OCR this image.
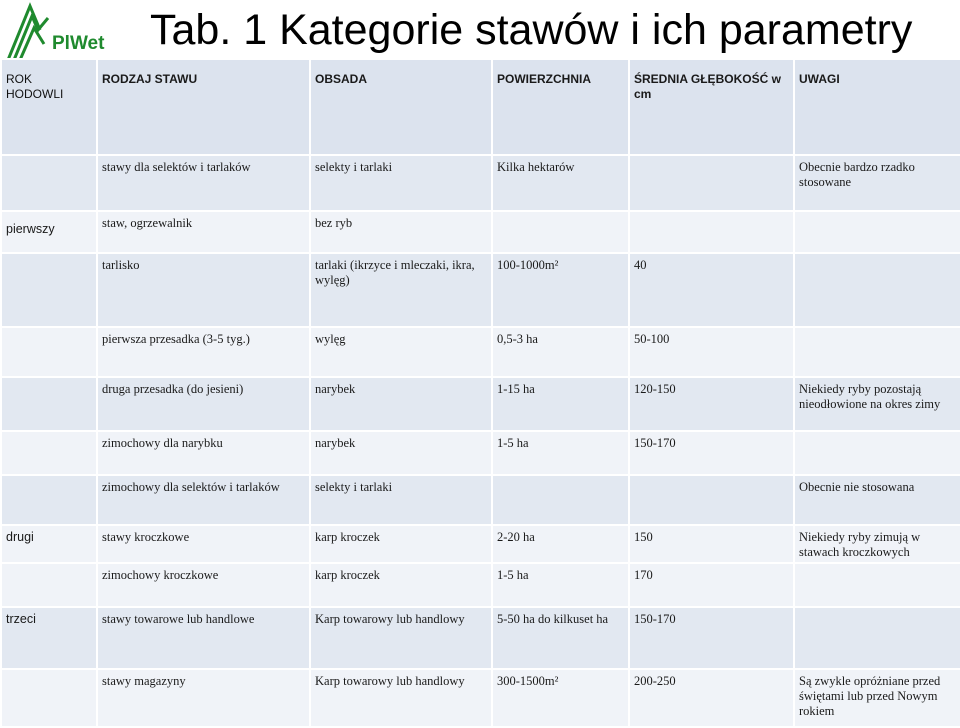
PlWet Tab. 1 Kategorie stawów i ich parametry
ROK HODOWLI	RODZAJ STAWU	OBSADA	POWIERZCHNIA	ŚREDNIA GŁĘBOKOŚĆ w cm	UWAGI
	stawy dla selektów i tarlaków	selekty i tarlaki	Kilka hektarów		Obecnie bardzo rzadko stosowane
pierwszy	staw, ogrzewalnik	bez ryb			
	tarlisko	tarlaki (ikrzyce i mleczaki, ikra, wylęg)	100-1000m²	40	
	pierwsza przesadka (3-5 tyg.)	wylęg	0,5-3 ha	50-100	
	druga przesadka (do jesieni)	narybek	1-15 ha	120-150	Niekiedy ryby pozostają nieodłowione na okres zimy
	zimochowy dla narybku	narybek	1-5 ha	150-170	
	zimochowy dla selektów i tarlaków	selekty i tarlaki			Obecnie nie stosowana
drugi	stawy kroczkowe	karp kroczek	2-20 ha	150	Niekiedy ryby zimują w stawach kroczkowych
	zimochowy kroczkowe	karp kroczek	1-5 ha	170	
trzeci	stawy towarowe lub handlowe	Karp towarowy lub handlowy	5-50 ha do kilkuset ha	150-170	
	stawy magazyny	Karp towarowy lub handlowy	300-1500m²	200-250	Są zwykle opróżniane przed świętami lub przed Nowym rokiem
